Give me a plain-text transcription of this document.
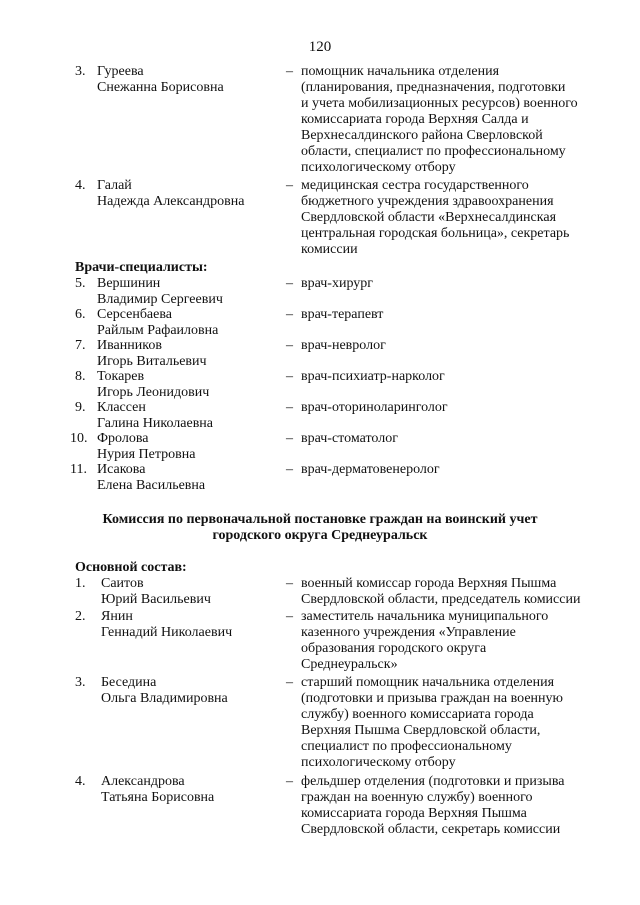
120
3. Гуреева
Снежанна Борисовна
– помощник начальника отделения
(планирования, предназначения, подготовки
и учета мобилизационных ресурсов) военного
комиссариата города Верхняя Салда и
Верхнесалдинского района Сверловской
области, специалист по профессиональному
психологическому отбору
4. Галай
Надежда Александровна
– медицинская сестра государственного
бюджетного учреждения здравоохранения
Свердловской области «Верхнесалдинская
центральная городская больница», секретарь
комиссии
Врачи-специалисты:
5. Вершинин
Владимир Сергеевич
– врач-хирург
6. Серсенбаева
Райлым Рафаиловна
– врач-терапевт
7. Иванников
Игорь Витальевич
– врач-невролог
8. Токарев
Игорь Леонидович
– врач-психиатр-нарколог
9. Классен
Галина Николаевна
– врач-оториноларинголог
10. Фролова
Нурия Петровна
– врач-стоматолог
11. Исакова
Елена Васильевна
– врач-дерматовенеролог
Комиссия по первоначальной постановке граждан на воинский учет
городского округа Среднеуральск
Основной состав:
1. Саитов
Юрий Васильевич
– военный комиссар города Верхняя Пышма
Свердловской области, председатель комиссии
2. Янин
Геннадий Николаевич
– заместитель начальника муниципального
казенного учреждения «Управление
образования городского округа
Среднеуральск»
3. Беседина
Ольга Владимировна
– старший помощник начальника отделения
(подготовки и призыва граждан на военную
службу) военного комиссариата города
Верхняя Пышма Свердловской области,
специалист по профессиональному
психологическому отбору
4. Александрова
Татьяна Борисовна
– фельдшер отделения (подготовки и призыва
граждан на военную службу) военного
комиссариата города Верхняя Пышма
Свердловской области, секретарь комиссии
